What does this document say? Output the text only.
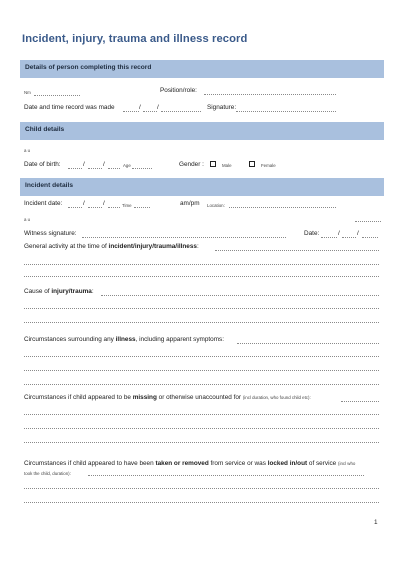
Incident, injury, trauma and illness record
Details of person completing this record
Nm	Position/role:
Date and time record was made	/	/	Signature:
Child details
a u
Date of birth:	/	/	Age	Gender :	Male	Female
Incident details
Incident date:	/	/	Time	am/pm Location:
a u
Witness signature:	Date:	/	/
General activity at the time of incident/injury/trauma/illness:
Cause of injury/trauma:
Circumstances surrounding any illness, including apparent symptoms:
Circumstances if child appeared to be missing or otherwise unaccounted for (incl duration, who found child etc):
Circumstances if child appeared to have been taken or removed from service or was locked in/out of service (incl who
took the child, duration):
1
